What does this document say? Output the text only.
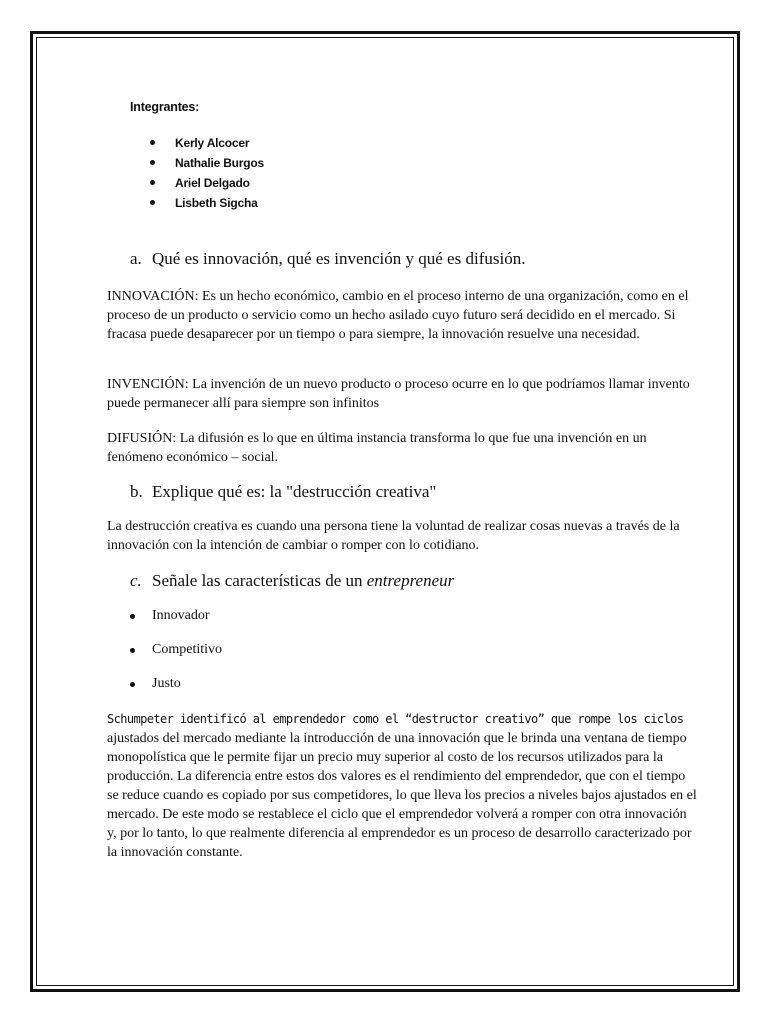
Integrantes:
Kerly Alcocer
Nathalie Burgos
Ariel Delgado
Lisbeth Sigcha
a. Qué es innovación, qué es invención y qué es difusión.

INNOVACIÓN: Es un hecho económico, cambio en el proceso interno de una organización, como en el proceso de un producto o servicio como un hecho asilado cuyo futuro será decidido en el mercado. Si fracasa puede desaparecer por un tiempo o para siempre, la innovación resuelve una necesidad.

INVENCIÓN: La invención de un nuevo producto o proceso ocurre en lo que podríamos llamar invento puede permanecer allí para siempre son infinitos

DIFUSIÓN: La difusión es lo que en última instancia transforma lo que fue una invención en un fenómeno económico – social.

b. Explique qué es: la "destrucción creativa"

La destrucción creativa es cuando una persona tiene la voluntad de realizar cosas nuevas a través de la innovación con la intención de cambiar o romper con lo cotidiano.

c. Señale las características de un entrepreneur
Innovador
Competitivo
Justo

Schumpeter identificó al emprendedor como el “destructor creativo” que rompe los ciclos ajustados del mercado mediante la introducción de una innovación que le brinda una ventana de tiempo monopolística que le permite fijar un precio muy superior al costo de los recursos utilizados para la producción. La diferencia entre estos dos valores es el rendimiento del emprendedor, que con el tiempo se reduce cuando es copiado por sus competidores, lo que lleva los precios a niveles bajos ajustados en el mercado. De este modo se restablece el ciclo que el emprendedor volverá a romper con otra innovación y, por lo tanto, lo que realmente diferencia al emprendedor es un proceso de desarrollo caracterizado por la innovación constante.
